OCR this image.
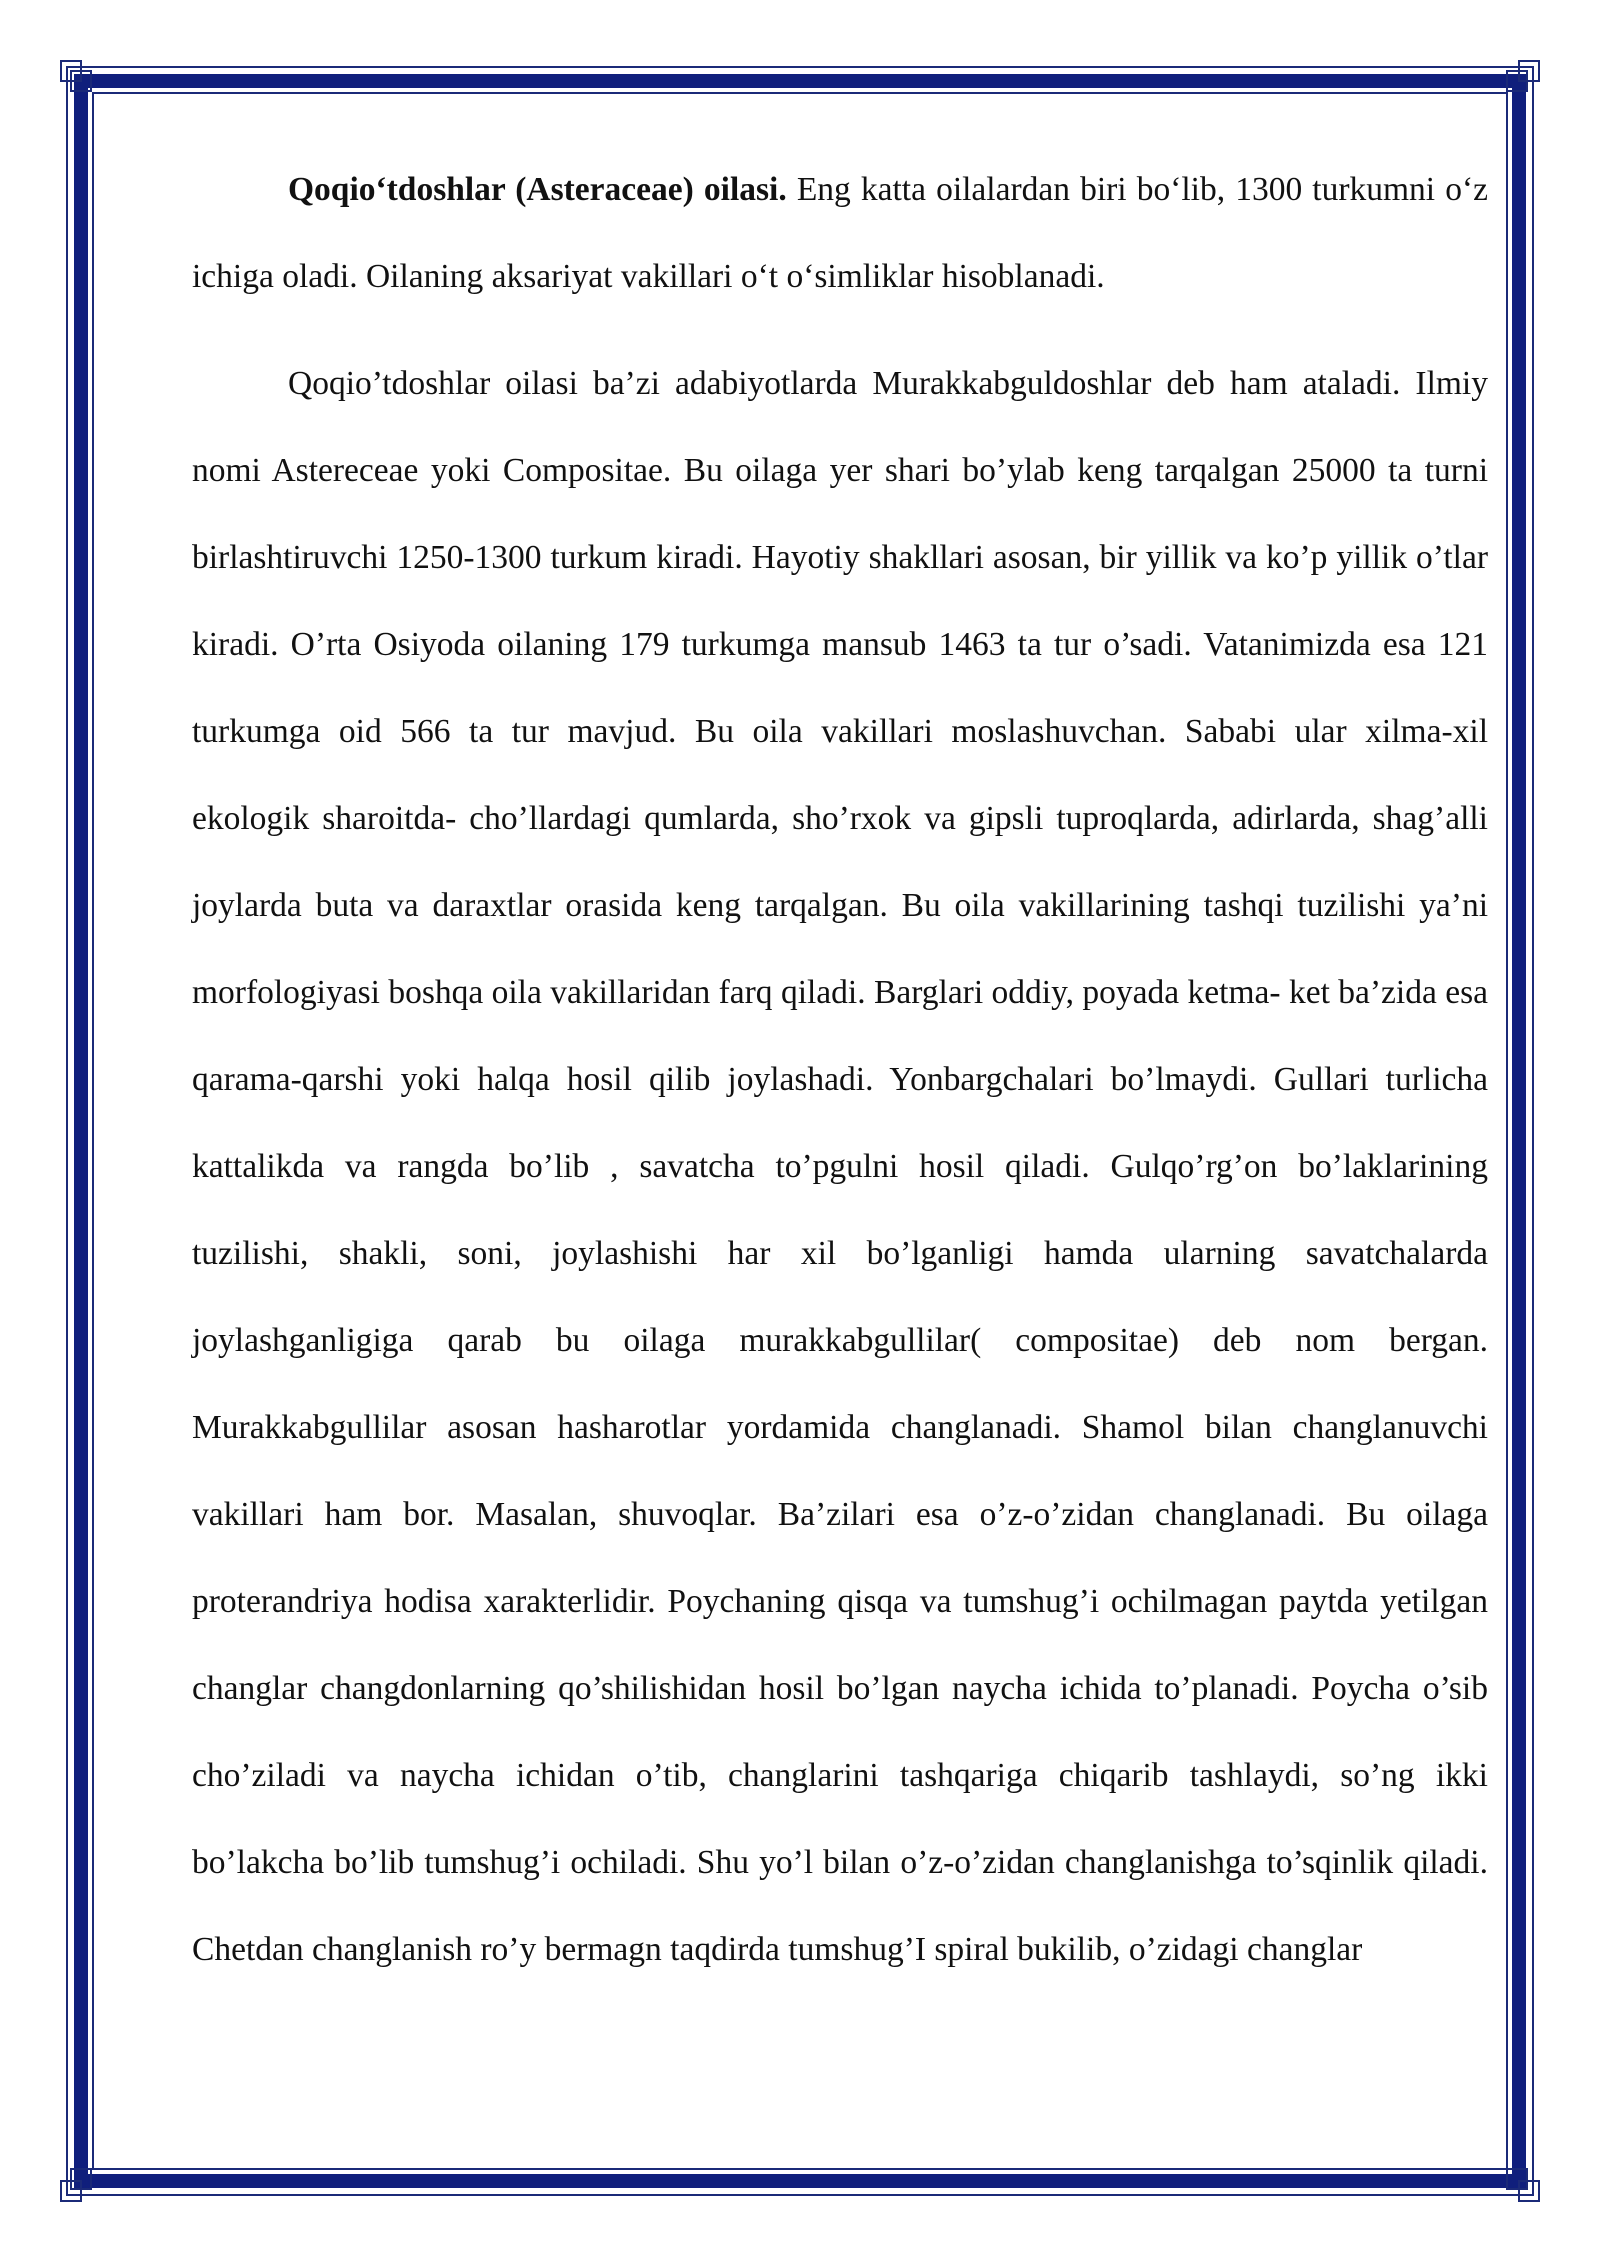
Qoqio‘tdoshlar (Asteraceae) oilasi. Eng katta oilalardan biri bo‘lib, 1300 turkumni o‘z ichiga oladi. Oilaning aksariyat vakillari o‘t o‘simliklar hisoblanadi.

Qoqio’tdoshlar oilasi ba’zi adabiyotlarda Murakkabguldoshlar deb ham ataladi. Ilmiy nomi Astereceae yoki Compositae. Bu oilaga yer shari bo’ylab keng tarqalgan 25000 ta turni birlashtiruvchi 1250-1300 turkum kiradi. Hayotiy shakllari asosan, bir yillik va ko’p yillik o’tlar kiradi. O’rta Osiyoda oilaning 179 turkumga mansub 1463 ta tur o’sadi. Vatanimizda esa 121 turkumga oid 566 ta tur mavjud. Bu oila vakillari moslashuvchan. Sababi ular xilma-xil ekologik sharoitda- cho’llardagi qumlarda, sho’rxok va gipsli tuproqlarda, adirlarda, shag’alli joylarda buta va daraxtlar orasida keng tarqalgan. Bu oila vakillarining tashqi tuzilishi ya’ni morfologiyasi boshqa oila vakillaridan farq qiladi. Barglari oddiy, poyada ketma- ket ba’zida esa qarama-qarshi yoki halqa hosil qilib joylashadi. Yonbargchalari bo’lmaydi. Gullari turlicha kattalikda va rangda bo’lib , savatcha to’pgulni hosil qiladi. Gulqo’rg’on bo’laklarining tuzilishi, shakli, soni, joylashishi har xil bo’lganligi hamda ularning savatchalarda joylashganligiga qarab bu oilaga murakkabgullilar( compositae) deb nom bergan. Murakkabgullilar asosan hasharotlar yordamida changlanadi. Shamol bilan changlanuvchi vakillari ham bor. Masalan, shuvoqlar. Ba’zilari esa o’z-o’zidan changlanadi. Bu oilaga proterandriya hodisa xarakterlidir. Poychaning qisqa va tumshug’i ochilmagan paytda yetilgan changlar changdonlarning qo’shilishidan hosil bo’lgan naycha ichida to’planadi. Poycha o’sib cho’ziladi va naycha ichidan o’tib, changlarini tashqariga chiqarib tashlaydi, so’ng ikki bo’lakcha bo’lib tumshug’i ochiladi. Shu yo’l bilan o’z-o’zidan changlanishga to’sqinlik qiladi. Chetdan changlanish ro’y bermagn taqdirda tumshug’I spiral bukilib, o’zidagi changlar
